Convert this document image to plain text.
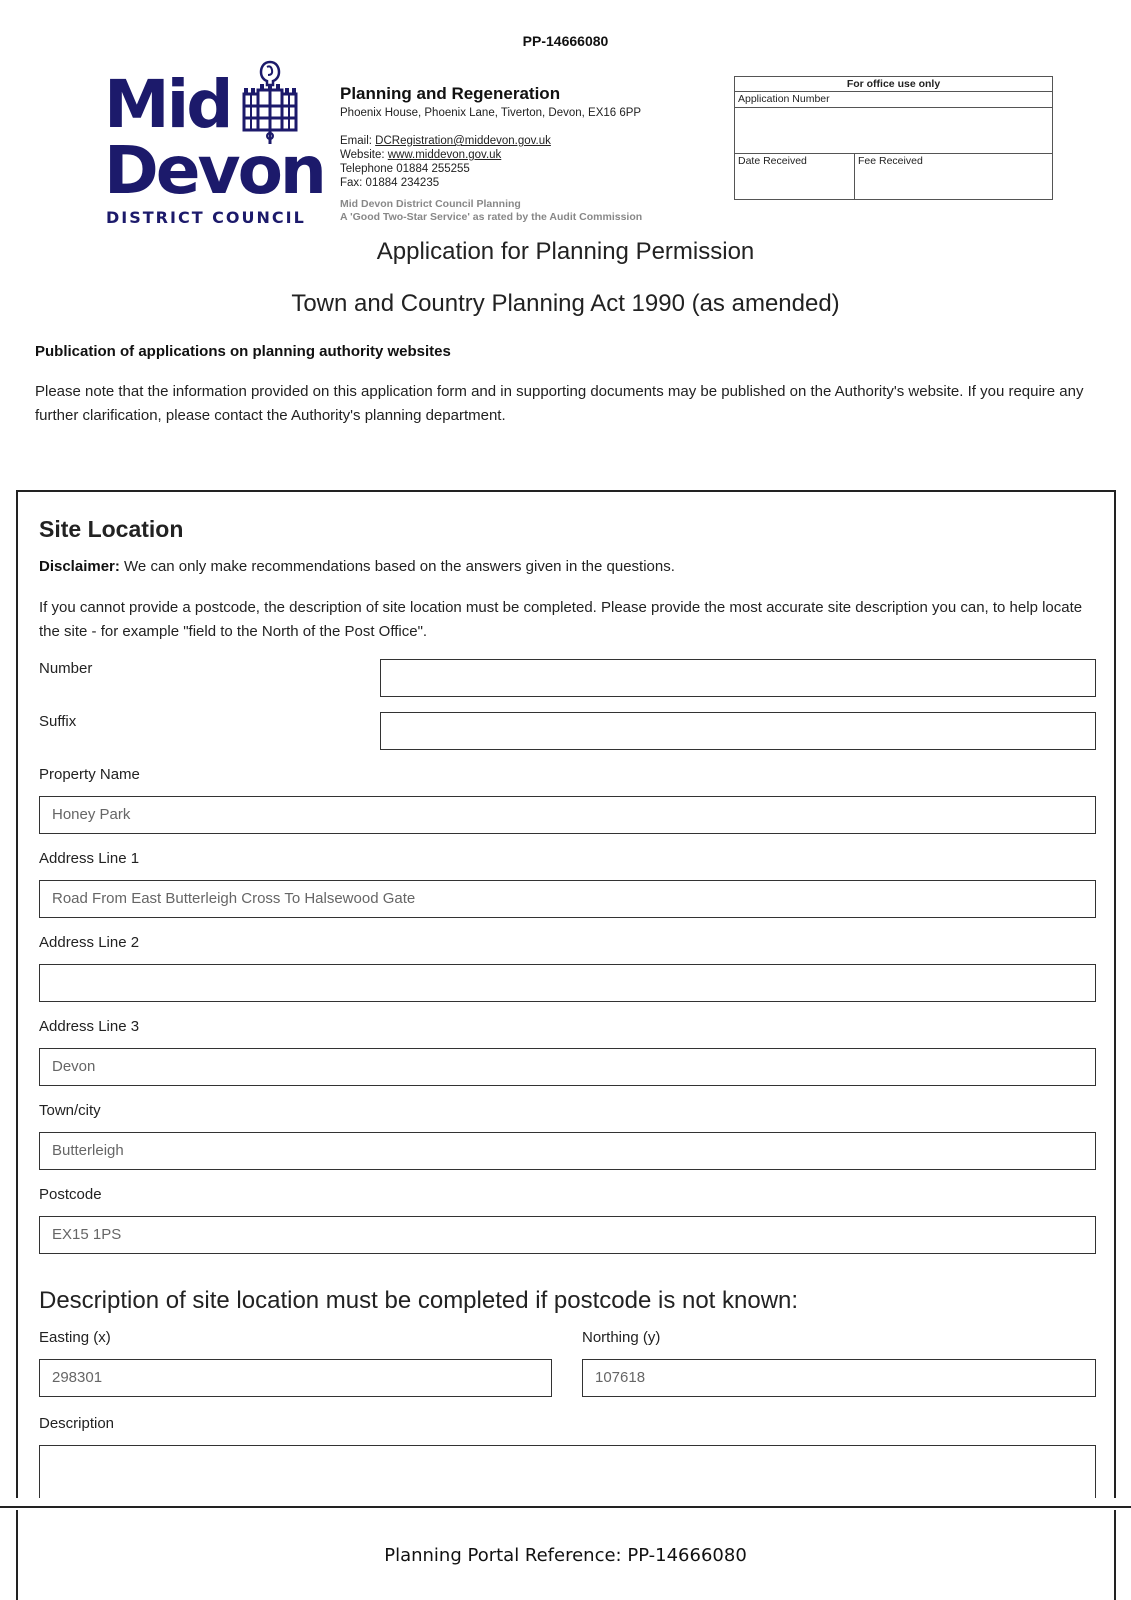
PP-14666080
Mid
Devon
DISTRICT COUNCIL
Planning and Regeneration
Phoenix House, Phoenix Lane, Tiverton, Devon, EX16 6PP
Email: DCRegistration@middevon.gov.uk
Website: www.middevon.gov.uk
Telephone 01884 255255
Fax: 01884 234235
Mid Devon District Council Planning
A 'Good Two-Star Service' as rated by the Audit Commission
For office use only
Application Number
Date Received	Fee Received
Application for Planning Permission
Town and Country Planning Act 1990 (as amended)
Publication of applications on planning authority websites
Please note that the information provided on this application form and in supporting documents may be published on the Authority's website. If you require any further clarification, please contact the Authority's planning department.
Site Location
Disclaimer: We can only make recommendations based on the answers given in the questions.
If you cannot provide a postcode, the description of site location must be completed. Please provide the most accurate site description you can, to help locate the site - for example "field to the North of the Post Office".
Number
Suffix
Property Name
Honey Park
Address Line 1
Road From East Butterleigh Cross To Halsewood Gate
Address Line 2
Address Line 3
Devon
Town/city
Butterleigh
Postcode
EX15 1PS
Description of site location must be completed if postcode is not known:
Easting (x)
298301
Northing (y)
107618
Description
Planning Portal Reference: PP-14666080
